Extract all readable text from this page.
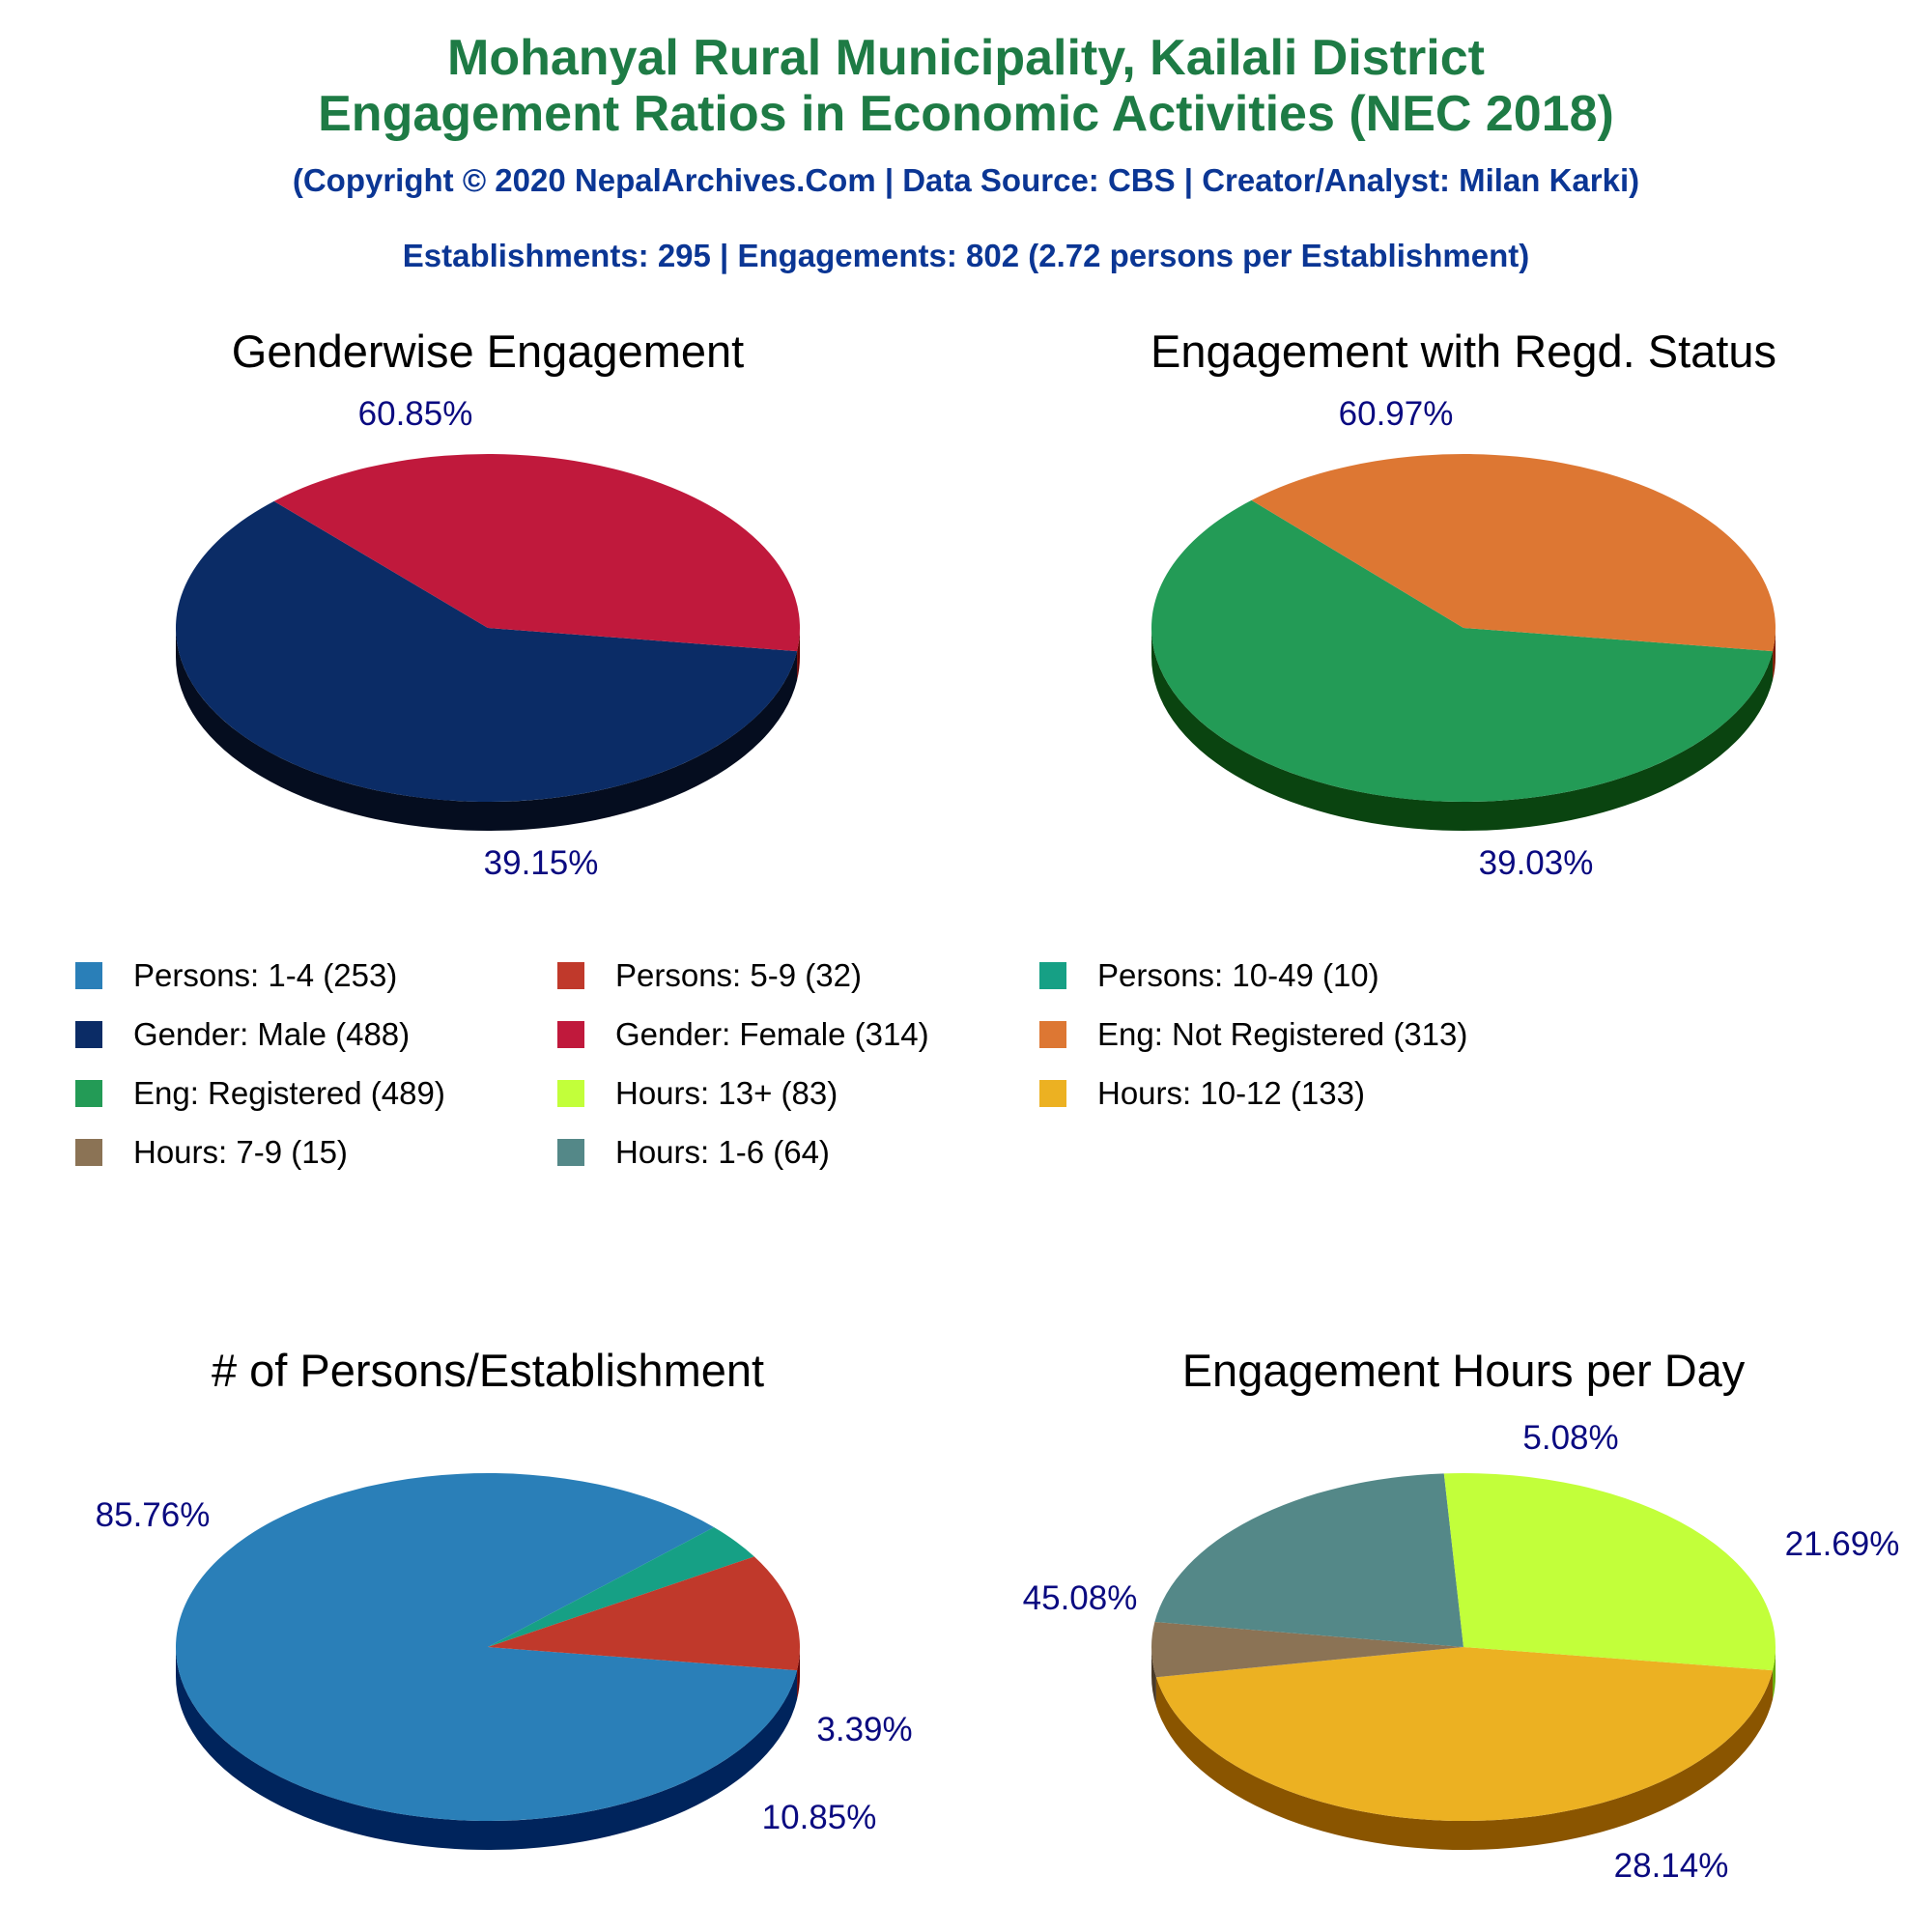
Mohanyal Rural Municipality, Kailali District
Engagement Ratios in Economic Activities (NEC 2018)
(Copyright © 2020 NepalArchives.Com | Data Source: CBS | Creator/Analyst: Milan Karki)
Establishments: 295 | Engagements: 802 (2.72 persons per Establishment)
Genderwise Engagement
60.85%
39.15%
Engagement with Regd. Status
60.97%
39.03%
# of Persons/Establishment
85.76%
3.39%
10.85%
Engagement Hours per Day
45.08%
5.08%
21.69%
28.14%
Persons: 1-4 (253)	Persons: 5-9 (32)	Persons: 10-49 (10)
Gender: Male (488)	Gender: Female (314)	Eng: Not Registered (313)
Eng: Registered (489)	Hours: 13+ (83)	Hours: 10-12 (133)
Hours: 7-9 (15)	Hours: 1-6 (64)
